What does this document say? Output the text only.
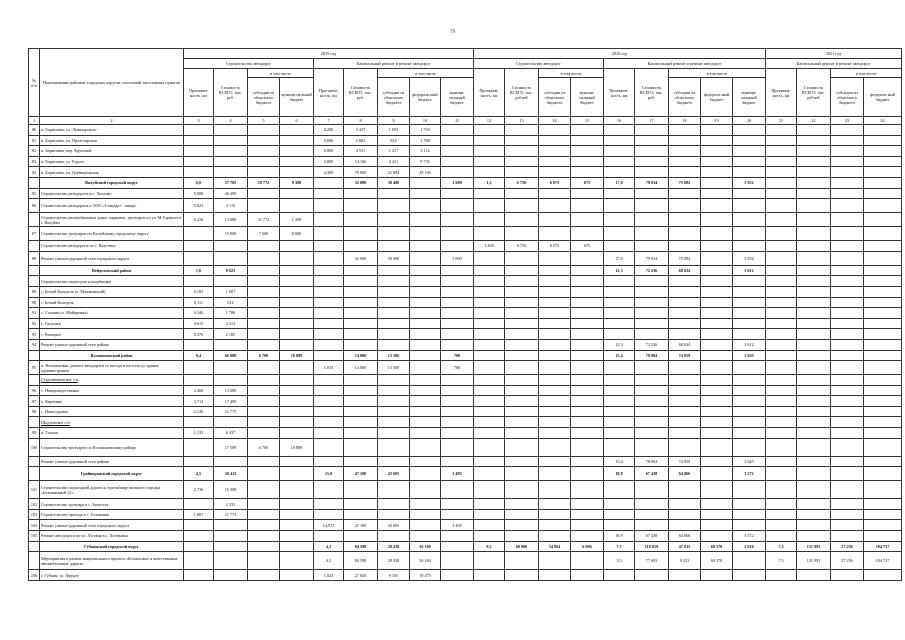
79
№ п/п	Наименование районов, городских округов, поселений, населенных пунктов	2019 год									2020 год									2021 год			
		Строительство автодорог				Капитальный ремонт и ремонт автодорог					Строительство автодорог				Капитальный ремонт и ремонт автодорог					Капитальный ремонт и ремонт автодорог			
		Протяжен-ность, км	Стоимость ВСЕГО, тыс. руб.	в том числе		Протяжен-ность, км	Стоимость ВСЕГО, тыс. руб.	в том числе			Протяжен-ность, км	Стоимость ВСЕГО, тыс. рублей	в том числе		Протяжен-ность, км	Стоимость ВСЕГО, тыс. руб.	в том числе			Протяжен-ность, км	Стоимость ВСЕГО, тыс. рублей	в том числе	
				субсидии из областного бюджета	муници-пальный бюджет			субсидии из областного бюджета	федераль-ный бюджет	муници-пальный бюджет			субсидии из областного бюджета	муници-пальный бюджет			субсидии из областного бюджета	федераль-ный бюджет	муници-пальный бюджет			субсидии из областного бюджета	федераль-ный бюджет
1	2	3	4	5	6	7	8	9	10	11	12	13	14	15	16	17	18	19	20	21	22	23	24
80	п. Борисовка, ул. Луначарского					0,200	3 427	1 693	1 730														
81	п. Борисовка, ул. Пролетарская					0,600	2 602	814	1 788														
82	п. Борисовка, пер. Крупской					0,800	4 531	1 417	3 114														
83	п. Борисовка, ул. Рудого					3,800	14 166	4 431	9 735														
84	п. Борисовка, ул. Грайворонская					4,300	70 000	21 894	48 106														
	Валуйский городской округ	6,0	57 705	18 772	9 308		32 000	30 400		1 600	1,2	6 750	6 075	675	17,0	79 034	75 082		3 952				
85	Строительство автодороги в с. Хохлово	5,008	26 490																				
86	Строительство автодороги к ООО «Стандарт - пища»	0,023	3 115																				
	Строительство автомобильных дорог, парковок, тротуаров по ул. М.Горького в г. Валуйки	0,216	13 080	11 772	1 308																		
87	Строительство тротуаров по Валуйскому городскому округу		15 000	7 000	8 000																		
	Строительство автодороги по с. Ватутино										1,200	6 750	6 075	675									
88	Ремонт улично-дорожной сети городского округа						32 000	30 400		1 600					17,0	79 034	75 082		3 952				
	Вейделевский район	1,6	8 823												12,3	72 236	68 624		3 612				
	Строительство подъездов к кладбищам																						
89	с. Белый Колодезь (х. Мазиковский)	0,182	1 007																				
90	с. Белый Колодезь	0,111	612																				
91	с. Саловка (х. Майоровка)	0,340	1 786																				
92	с. Галушки	0,615	3 313																				
93	с. Ровецкое	0,376	2 105																				
94	Ремонт улично-дорожной сети района														12,3	72 236	68 624		3 612				
	Волоконовский район	9,4	66 980	6 700	10 889		14 000	13 300		700					15,4	78 904	74 959		3 945				
95	п. Волоконовка, ремонт автодороги от въезда в поселок до здания администрации					1,815	14 000	13 300		700													
	Староивановское с/п																						
96	с. Новорождественка	2,460	13 609																				
97	х. Киреевка	3,714	17 490																				
98	с. Новосадовка	2,126	11 775																				
	Шидловское с/п																						
99	п. Тополя	1,133	6 437																				
100	Строительство тротуаров по Волоконовскому району		17 589	6 700	10 889																		
	Ремонт улично-дорожной сети района														15,4	78 904	74 959		3 945				
	Грайворонский городской округ	4,5	30 413			15,0	47 100	43 605		3 495					18,9	67 438	64 066		3 372				
101	Строительство подъездной дороги к стрельбищу военного городка «Безымянный-22»	2,736	16 308																				
102	Строительство тротуара в с. Замостье		2 333																				
103	Строительство проезда в с. Головчино	1,807	11 771																				
104	Ремонт улично-дорожной сети городского округа					14,972	47 100	43 605		3 495													
105	Ремонт автодороги по ул. Луговая в с. Хотмыжск														18,9	67 438	64 066		3 372				
	Губкинский городской округ					4,3	84 598	28 438	56 160		9,2	60 960	54 864	6 096	7,7	118 019	47 633	68 370	2 016	7,3	131 993	27 256	104 737
	Мероприятия в рамках национального проекта «Безопасные и качественные автомобильные дороги»					4,3	84 598	28 438	56 160						3,5	77 693	9 323	68 370		7,3	131 993	27 256	104 737
106	г. Губкин, ул. Фрунзе					1,023	27 830	9 355	18 475														
